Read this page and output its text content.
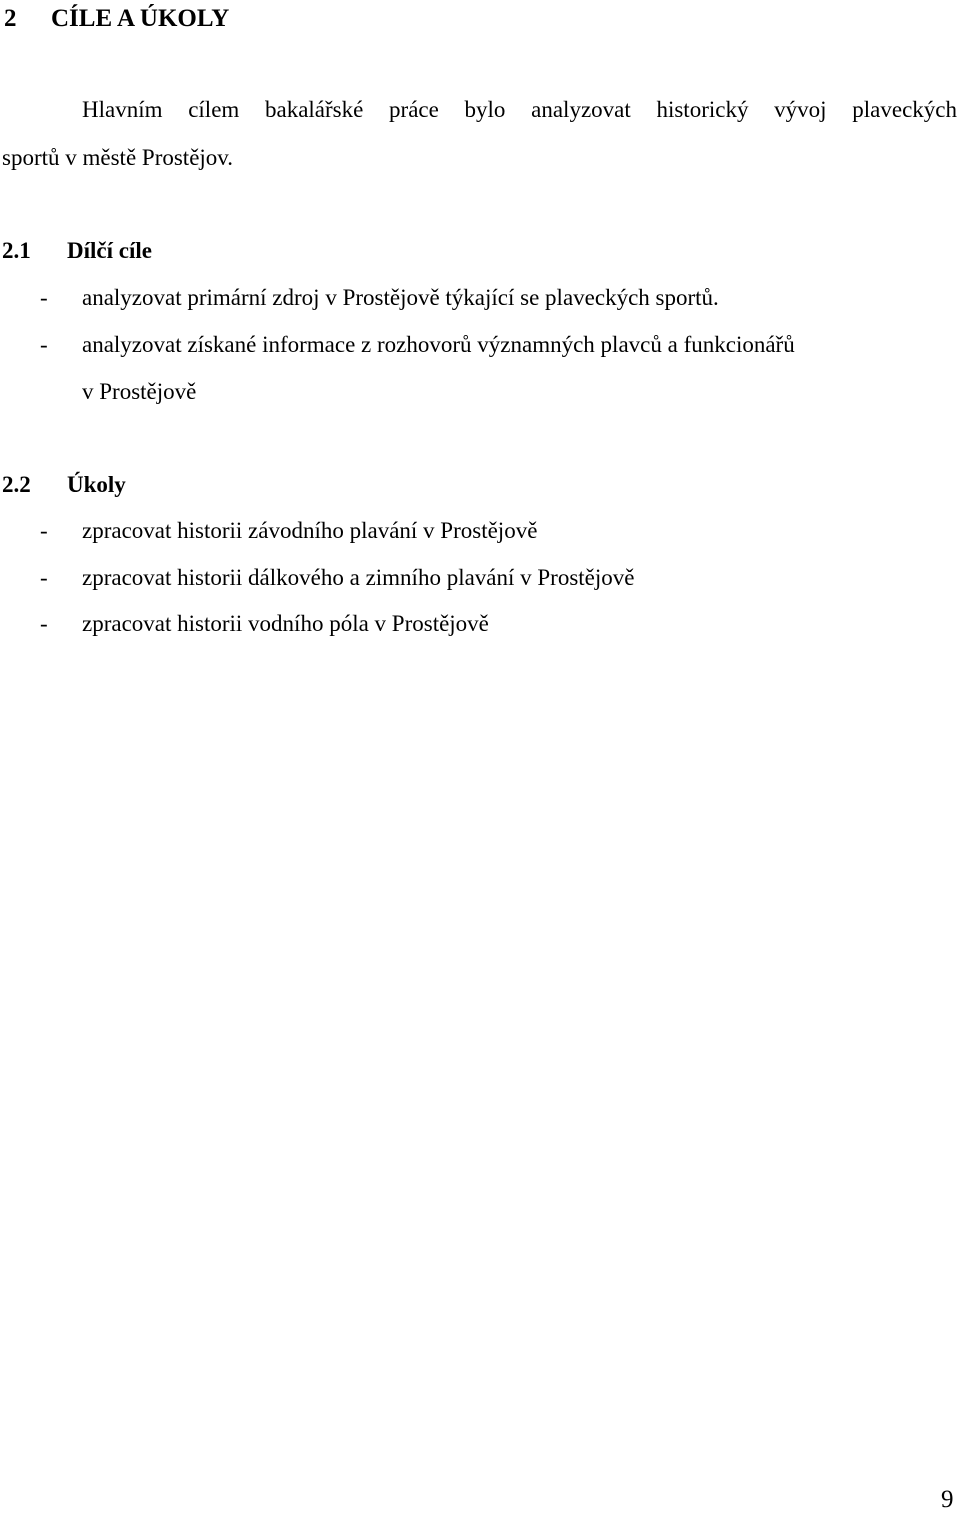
2 CÍLE A ÚKOLY
Hlavním cílem bakalářské práce bylo analyzovat historický vývoj plaveckých
sportů v městě Prostějov.
2.1 Dílčí cíle
- analyzovat primární zdroj v Prostějově týkající se plaveckých sportů.
- analyzovat získané informace z rozhovorů významných plavců a funkcionářů
v Prostějově
2.2 Úkoly
- zpracovat historii závodního plavání v Prostějově
- zpracovat historii dálkového a zimního plavání v Prostějově
- zpracovat historii vodního póla v Prostějově
9
